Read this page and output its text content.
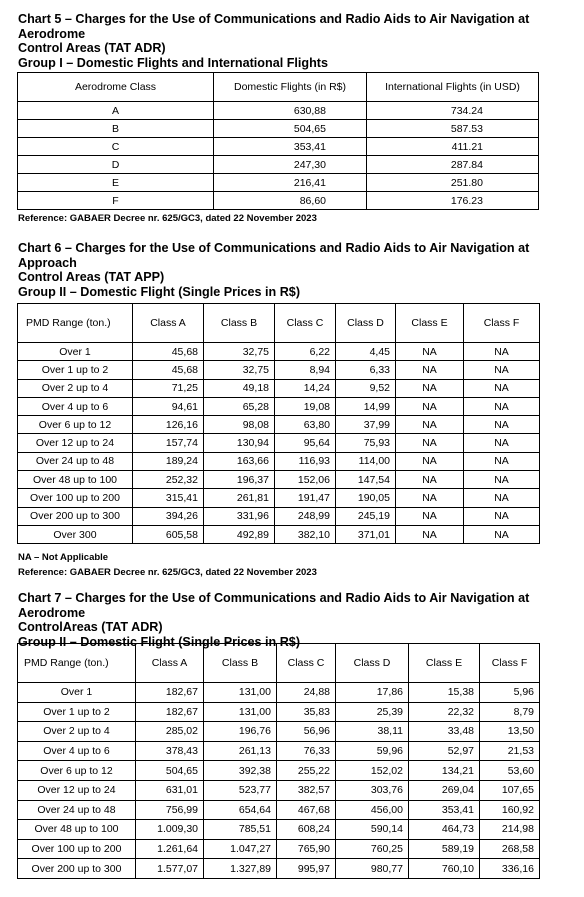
Chart 5 – Charges for the Use of Communications and Radio Aids to Air Navigation at Aerodrome
Control Areas (TAT ADR)
Group I – Domestic Flights and International Flights
Aerodrome Class	Domestic Flights (in R$)	International Flights (in USD)
A	630,88	734.24
B	504,65	587.53
C	353,41	411.21
D	247,30	287.84
E	216,41	251.80
F	86,60	176.23
Reference: GABAER Decree nr. 625/GC3, dated 22 November 2023
Chart 6 – Charges for the Use of Communications and Radio Aids to Air Navigation at Approach
Control Areas (TAT APP)
Group II – Domestic Flight (Single Prices in R$)
PMD Range (ton.)	Class A	Class B	Class C	Class D	Class E	Class F
Over 1	45,68	32,75	6,22	4,45	NA	NA
Over 1 up to 2	45,68	32,75	8,94	6,33	NA	NA
Over 2 up to 4	71,25	49,18	14,24	9,52	NA	NA
Over 4 up to 6	94,61	65,28	19,08	14,99	NA	NA
Over 6 up to 12	126,16	98,08	63,80	37,99	NA	NA
Over 12 up to 24	157,74	130,94	95,64	75,93	NA	NA
Over 24 up to 48	189,24	163,66	116,93	114,00	NA	NA
Over 48 up to 100	252,32	196,37	152,06	147,54	NA	NA
Over 100 up to 200	315,41	261,81	191,47	190,05	NA	NA
Over 200 up to 300	394,26	331,96	248,99	245,19	NA	NA
Over 300	605,58	492,89	382,10	371,01	NA	NA
NA – Not Applicable
Reference: GABAER Decree nr. 625/GC3, dated 22 November 2023
Chart 7 – Charges for the Use of Communications and Radio Aids to Air Navigation at Aerodrome
ControlAreas (TAT ADR)
Group II – Domestic Flight (Single Prices in R$)
PMD Range (ton.)	Class A	Class B	Class C	Class D	Class E	Class F
Over 1	182,67	131,00	24,88	17,86	15,38	5,96
Over 1 up to 2	182,67	131,00	35,83	25,39	22,32	8,79
Over 2 up to 4	285,02	196,76	56,96	38,11	33,48	13,50
Over 4 up to 6	378,43	261,13	76,33	59,96	52,97	21,53
Over 6 up to 12	504,65	392,38	255,22	152,02	134,21	53,60
Over 12 up to 24	631,01	523,77	382,57	303,76	269,04	107,65
Over 24 up to 48	756,99	654,64	467,68	456,00	353,41	160,92
Over 48 up to 100	1.009,30	785,51	608,24	590,14	464,73	214,98
Over 100 up to 200	1.261,64	1.047,27	765,90	760,25	589,19	268,58
Over 200 up to 300	1.577,07	1.327,89	995,97	980,77	760,10	336,16
